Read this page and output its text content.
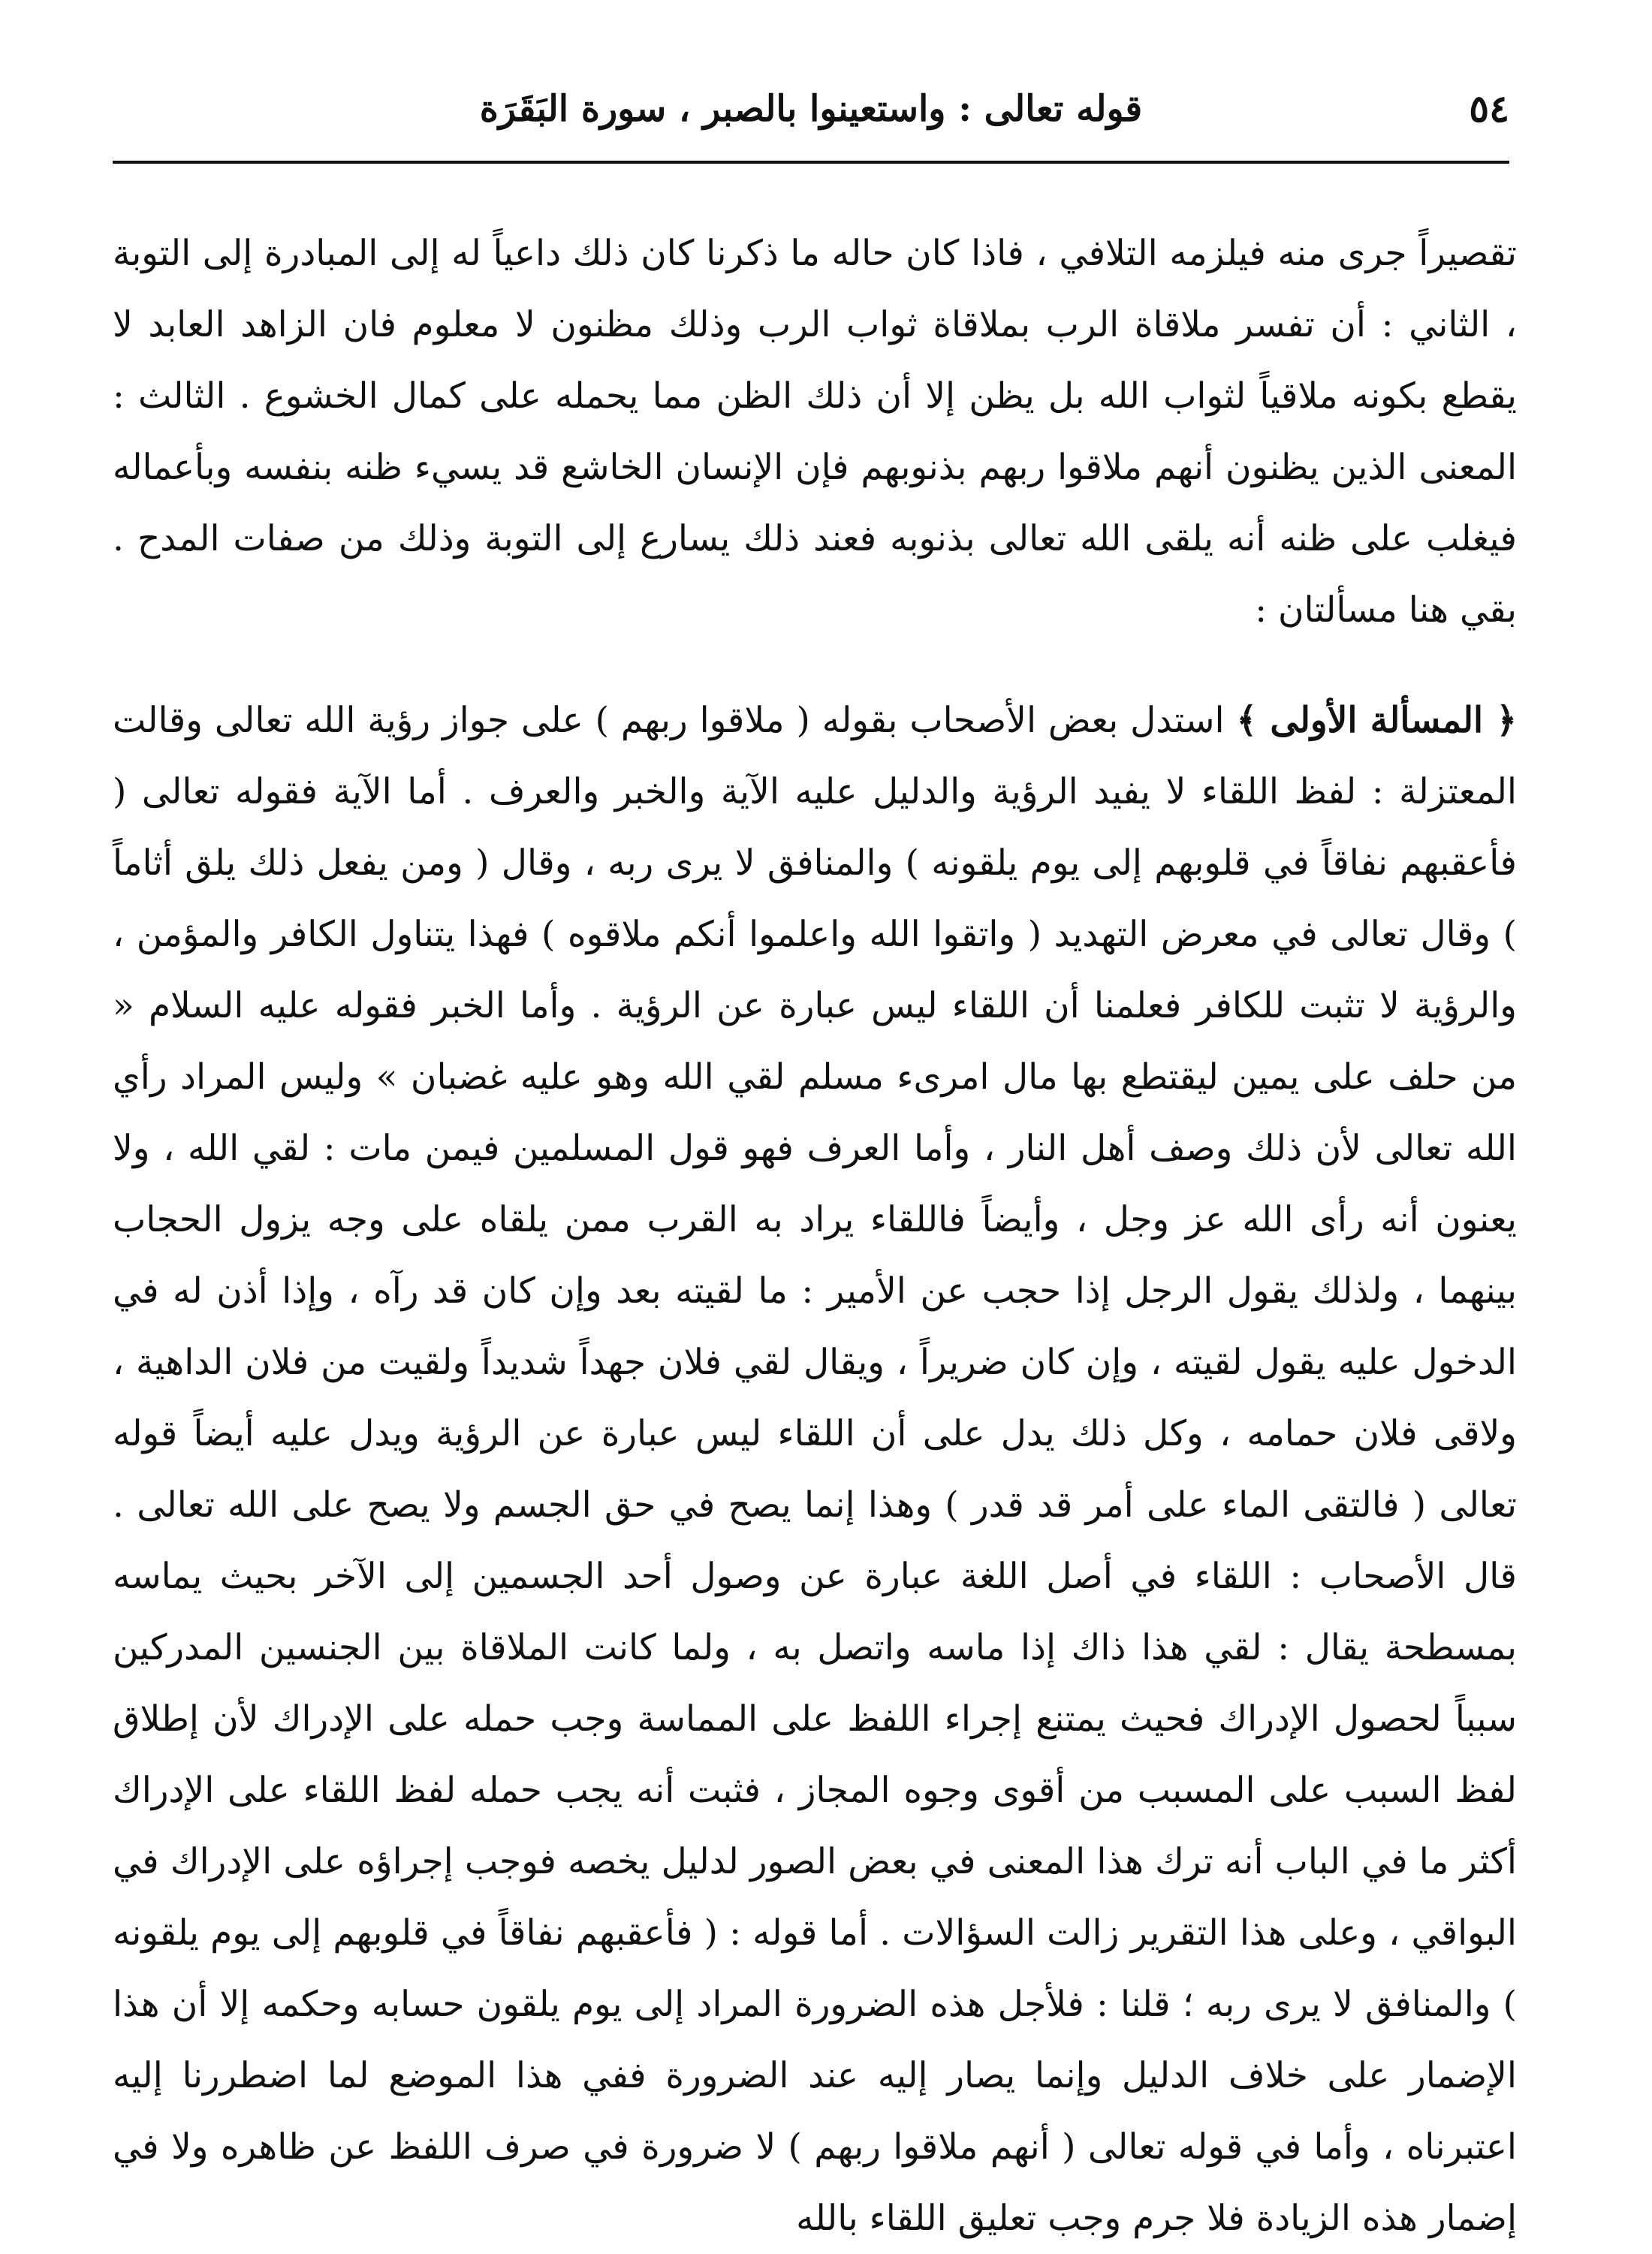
٥٤
قوله تعالى : واستعينوا بالصبر ، سورة البَقَرَة

تقصيراً جرى منه فيلزمه التلافي ، فاذا كان حاله ما ذكرنا كان ذلك داعياً له إلى المبادرة إلى التوبة ، الثاني : أن تفسر ملاقاة الرب بملاقاة ثواب الرب وذلك مظنون لا معلوم فان الزاهد العابد لا يقطع بكونه ملاقياً لثواب الله بل يظن إلا أن ذلك الظن مما يحمله على كمال الخشوع . الثالث : المعنى الذين يظنون أنهم ملاقوا ربهم بذنوبهم فإن الإنسان الخاشع قد يسيء ظنه بنفسه وبأعماله فيغلب على ظنه أنه يلقى الله تعالى بذنوبه فعند ذلك يسارع إلى التوبة وذلك من صفات المدح . بقي هنا مسألتان :

﴿ المسألة الأولى ﴾ استدل بعض الأصحاب بقوله ( ملاقوا ربهم ) على جواز رؤية الله تعالى وقالت المعتزلة : لفظ اللقاء لا يفيد الرؤية والدليل عليه الآية والخبر والعرف . أما الآية فقوله تعالى ( فأعقبهم نفاقاً في قلوبهم إلى يوم يلقونه ) والمنافق لا يرى ربه ، وقال ( ومن يفعل ذلك يلق أثاماً ) وقال تعالى في معرض التهديد ( واتقوا الله واعلموا أنكم ملاقوه ) فهذا يتناول الكافر والمؤمن ، والرؤية لا تثبت للكافر فعلمنا أن اللقاء ليس عبارة عن الرؤية . وأما الخبر فقوله عليه السلام « من حلف على يمين ليقتطع بها مال امرىء مسلم لقي الله وهو عليه غضبان » وليس المراد رأي الله تعالى لأن ذلك وصف أهل النار ، وأما العرف فهو قول المسلمين فيمن مات : لقي الله ، ولا يعنون أنه رأى الله عز وجل ، وأيضاً فاللقاء يراد به القرب ممن يلقاه على وجه يزول الحجاب بينهما ، ولذلك يقول الرجل إذا حجب عن الأمير : ما لقيته بعد وإن كان قد رآه ، وإذا أذن له في الدخول عليه يقول لقيته ، وإن كان ضريراً ، ويقال لقي فلان جهداً شديداً ولقيت من فلان الداهية ، ولاقى فلان حمامه ، وكل ذلك يدل على أن اللقاء ليس عبارة عن الرؤية ويدل عليه أيضاً قوله تعالى ( فالتقى الماء على أمر قد قدر ) وهذا إنما يصح في حق الجسم ولا يصح على الله تعالى . قال الأصحاب : اللقاء في أصل اللغة عبارة عن وصول أحد الجسمين إلى الآخر بحيث يماسه بمسطحة يقال : لقي هذا ذاك إذا ماسه واتصل به ، ولما كانت الملاقاة بين الجنسين المدركين سبباً لحصول الإدراك فحيث يمتنع إجراء اللفظ على المماسة وجب حمله على الإدراك لأن إطلاق لفظ السبب على المسبب من أقوى وجوه المجاز ، فثبت أنه يجب حمله لفظ اللقاء على الإدراك أكثر ما في الباب أنه ترك هذا المعنى في بعض الصور لدليل يخصه فوجب إجراؤه على الإدراك في البواقي ، وعلى هذا التقرير زالت السؤالات . أما قوله : ( فأعقبهم نفاقاً في قلوبهم إلى يوم يلقونه ) والمنافق لا يرى ربه ؛ قلنا : فلأجل هذه الضرورة المراد إلى يوم يلقون حسابه وحكمه إلا أن هذا الإضمار على خلاف الدليل وإنما يصار إليه عند الضرورة ففي هذا الموضع لما اضطررنا إليه اعتبرناه ، وأما في قوله تعالى ( أنهم ملاقوا ربهم ) لا ضرورة في صرف اللفظ عن ظاهره ولا في إضمار هذه الزيادة فلا جرم وجب تعليق اللقاء بالله
